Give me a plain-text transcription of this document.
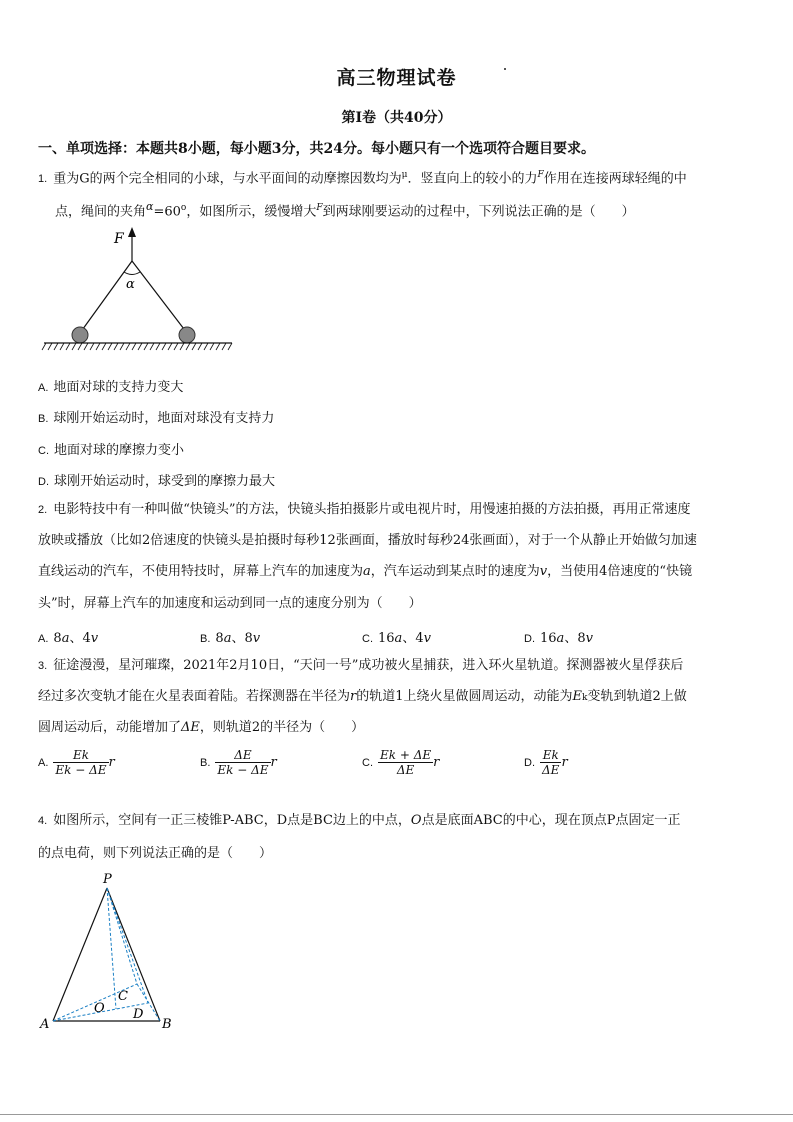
高三物理试卷
第Ⅰ卷（共40分）
一、单项选择：本题共8小题，每小题3分，共24分。每小题只有一个选项符合题目要求。
1. 重为G的两个完全相同的小球，与水平面间的动摩擦因数均为$^\mu$．竖直向上的较小的力$^F$作用在连接两球轻绳的中
点，绳间的夹角$^\alpha=60^o$，如图所示，缓慢增大$^F$到两球刚要运动的过程中，下列说法正确的是（　　）
F
α
A. 地面对球的支持力变大
B. 球刚开始运动时，地面对球没有支持力
C. 地面对球的摩擦力变小
D. 球刚开始运动时，球受到的摩擦力最大
2. 电影特技中有一种叫做“快镜头”的方法，快镜头指拍摄影片或电视片时，用慢速拍摄的方法拍摄，再用正常速度
放映或播放（比如2倍速度的快镜头是拍摄时每秒12张画面，播放时每秒24张画面），对于一个从静止开始做匀加速
直线运动的汽车，不使用特技时，屏幕上汽车的加速度为a，汽车运动到某点时的速度为v，当使用4倍速度的“快镜
头”时，屏幕上汽车的加速度和运动到同一点的速度分别为（　　）
A. 8a、4v	B. 8a、8v	C. 16a、4v	D. 16a、8v
3. 征途漫漫，星河璀璨，2021年2月10日，“天问一号”成功被火星捕获，进入环火星轨道。探测器被火星俘获后
经过多次变轨才能在火星表面着陆。若探测器在半径为r的轨道1上绕火星做圆周运动，动能为Ek变轨到轨道2上做
圆周运动后，动能增加了ΔE，则轨道2的半径为（　　）
A. $\frac{Ek}{Ek - \Delta E}$ r	B. $\frac{\Delta E}{Ek - \Delta E}$ r	C. $\frac{Ek + \Delta E}{\Delta E}$ r	D. $\frac{Ek}{\Delta E}$ r
4. 如图所示，空间有一正三棱锥P-ABC，D点是BC边上的中点，O点是底面ABC的中心，现在顶点P点固定一正
的点电荷，则下列说法正确的是（　　）
P
A	B
C
D
O
